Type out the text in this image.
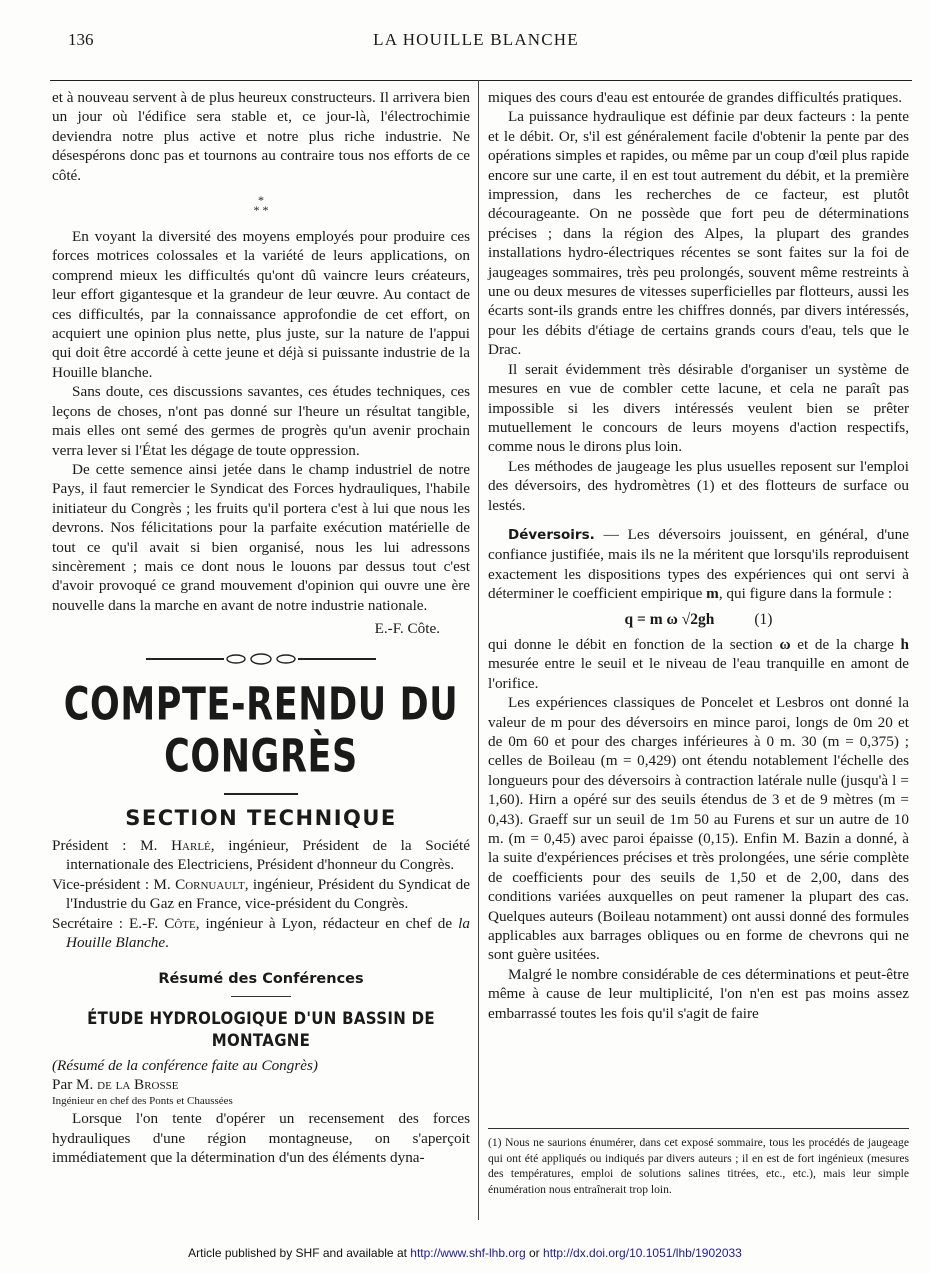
136	LA HOUILLE BLANCHE

et à nouveau servent à de plus heureux constructeurs. Il arrivera bien un jour où l'édifice sera stable et, ce jour-là, l'électrochimie deviendra notre plus active et notre plus riche industrie. Ne désespérons donc pas et tournons au contraire tous nos efforts de ce côté.

*
* *

En voyant la diversité des moyens employés pour produire ces forces motrices colossales et la variété de leurs applications, on comprend mieux les difficultés qu'ont dû vaincre leurs créateurs, leur effort gigantesque et la grandeur de leur œuvre. Au contact de ces difficultés, par la connaissance approfondie de cet effort, on acquiert une opinion plus nette, plus juste, sur la nature de l'appui qui doit être accordé à cette jeune et déjà si puissante industrie de la Houille blanche.

Sans doute, ces discussions savantes, ces études techniques, ces leçons de choses, n'ont pas donné sur l'heure un résultat tangible, mais elles ont semé des germes de progrès qu'un avenir prochain verra lever si l'État les dégage de toute oppression.

De cette semence ainsi jetée dans le champ industriel de notre Pays, il faut remercier le Syndicat des Forces hydrauliques, l'habile initiateur du Congrès ; les fruits qu'il portera c'est à lui que nous les devrons. Nos félicitations pour la parfaite exécution matérielle de tout ce qu'il avait si bien organisé, nous les lui adressons sincèrement ; mais ce dont nous le louons par dessus tout c'est d'avoir provoqué ce grand mouvement d'opinion qui ouvre une ère nouvelle dans la marche en avant de notre industrie nationale.

E.-F. Côte.
COMPTE-RENDU DU CONGRÈS
SECTION TECHNIQUE

Président : M. Harlé, ingénieur, Président de la Société internationale des Electriciens, Président d'honneur du Congrès.

Vice-président : M. Cornuault, ingénieur, Président du Syndicat de l'Industrie du Gaz en France, vice-président du Congrès.

Secrétaire : E.-F. Côte, ingénieur à Lyon, rédacteur en chef de la Houille Blanche.

Résumé des Conférences
ÉTUDE HYDROLOGIQUE D'UN BASSIN DE MONTAGNE

(Résumé de la conférence faite au Congrès)

Par M. de la Brosse

Ingénieur en chef des Ponts et Chaussées

Lorsque l'on tente d'opérer un recensement des forces hydrauliques d'une région montagneuse, on s'aperçoit immédiatement que la détermination d'un des éléments dyna-

miques des cours d'eau est entourée de grandes difficultés pratiques.

La puissance hydraulique est définie par deux facteurs : la pente et le débit. Or, s'il est généralement facile d'obtenir la pente par des opérations simples et rapides, ou même par un coup d'œil plus rapide encore sur une carte, il en est tout autrement du débit, et la première impression, dans les recherches de ce facteur, est plutôt décourageante. On ne possède que fort peu de déterminations précises ; dans la région des Alpes, la plupart des grandes installations hydro-électriques récentes se sont faites sur la foi de jaugeages sommaires, très peu prolongés, souvent même restreints à une ou deux mesures de vitesses superficielles par flotteurs, aussi les écarts sont-ils grands entre les chiffres donnés, par divers intéressés, pour les débits d'étiage de certains grands cours d'eau, tels que le Drac.

Il serait évidemment très désirable d'organiser un système de mesures en vue de combler cette lacune, et cela ne paraît pas impossible si les divers intéressés veulent bien se prêter mutuellement le concours de leurs moyens d'action respectifs, comme nous le dirons plus loin.

Les méthodes de jaugeage les plus usuelles reposent sur l'emploi des déversoirs, des hydromètres (1) et des flotteurs de surface ou lestés.

Déversoirs. — Les déversoirs jouissent, en général, d'une confiance justifiée, mais ils ne la méritent que lorsqu'ils reproduisent exactement les dispositions types des expériences qui ont servi à déterminer le coefficient empirique m, qui figure dans la formule :

q = m ω √2gh	(1)

qui donne le débit en fonction de la section ω et de la charge h mesurée entre le seuil et le niveau de l'eau tranquille en amont de l'orifice.

Les expériences classiques de Poncelet et Lesbros ont donné la valeur de m pour des déversoirs en mince paroi, longs de 0m 20 et de 0m 60 et pour des charges inférieures à 0 m. 30 (m = 0,375) ; celles de Boileau (m = 0,429) ont étendu notablement l'échelle des longueurs pour des déversoirs à contraction latérale nulle (jusqu'à l = 1,60). Hirn a opéré sur des seuils étendus de 3 et de 9 mètres (m = 0,43). Graeff sur un seuil de 1m 50 au Furens et sur un autre de 10 m. (m = 0,45) avec paroi épaisse (0,15). Enfin M. Bazin a donné, à la suite d'expériences précises et très prolongées, une série complète de coefficients pour des seuils de 1,50 et de 2,00, dans des conditions variées auxquelles on peut ramener la plupart des cas. Quelques auteurs (Boileau notamment) ont aussi donné des formules applicables aux barrages obliques ou en forme de chevrons qui ne sont guère usitées.

Malgré le nombre considérable de ces déterminations et peut-être même à cause de leur multiplicité, l'on n'en est pas moins assez embarrassé toutes les fois qu'il s'agit de faire

(1) Nous ne saurions énumérer, dans cet exposé sommaire, tous les procédés de jaugeage qui ont été appliqués ou indiqués par divers auteurs ; il en est de fort ingénieux (mesures des températures, emploi de solutions salines titrées, etc., etc.), mais leur simple énumération nous entraînerait trop loin.
Article published by SHF and available at http://www.shf-lhb.org or http://dx.doi.org/10.1051/lhb/1902033
